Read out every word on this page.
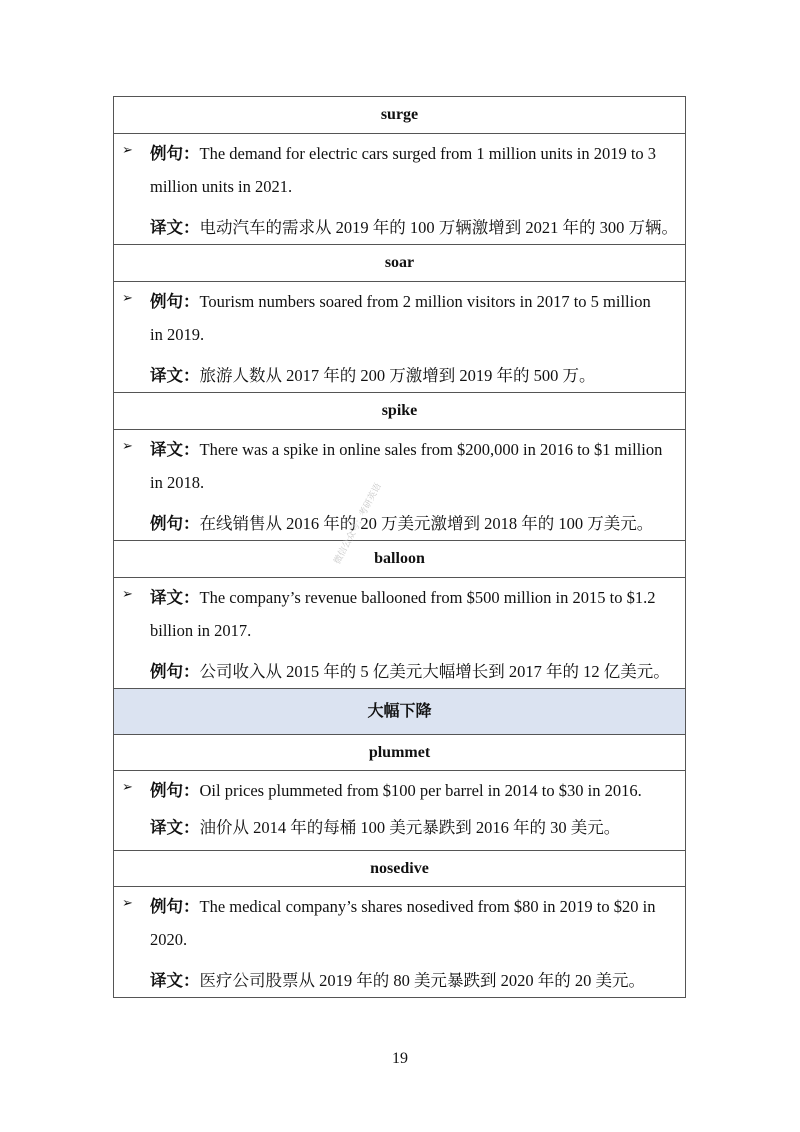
surge
➢ 例句：The demand for electric cars surged from 1 million units in 2019 to 3
million units in 2021.
译文：电动汽车的需求从 2019 年的 100 万辆激增到 2021 年的 300 万辆。
soar
➢ 例句：Tourism numbers soared from 2 million visitors in 2017 to 5 million
in 2019.
译文：旅游人数从 2017 年的 200 万激增到 2019 年的 500 万。
spike
➢ 译文：There was a spike in online sales from $200,000 in 2016 to $1 million
in 2018.
例句：在线销售从 2016 年的 20 万美元激增到 2018 年的 100 万美元。
balloon
➢ 译文：The company’s revenue ballooned from $500 million in 2015 to $1.2
billion in 2017.
例句：公司收入从 2015 年的 5 亿美元大幅增长到 2017 年的 12 亿美元。
大幅下降
plummet
➢ 例句：Oil prices plummeted from $100 per barrel in 2014 to $30 in 2016.
译文：油价从 2014 年的每桶 100 美元暴跌到 2016 年的 30 美元。
nosedive
➢ 例句：The medical company’s shares nosedived from $80 in 2019 to $20 in
2020.
译文：医疗公司股票从 2019 年的 80 美元暴跌到 2020 年的 20 美元。
微信公众号：考研英语
19
